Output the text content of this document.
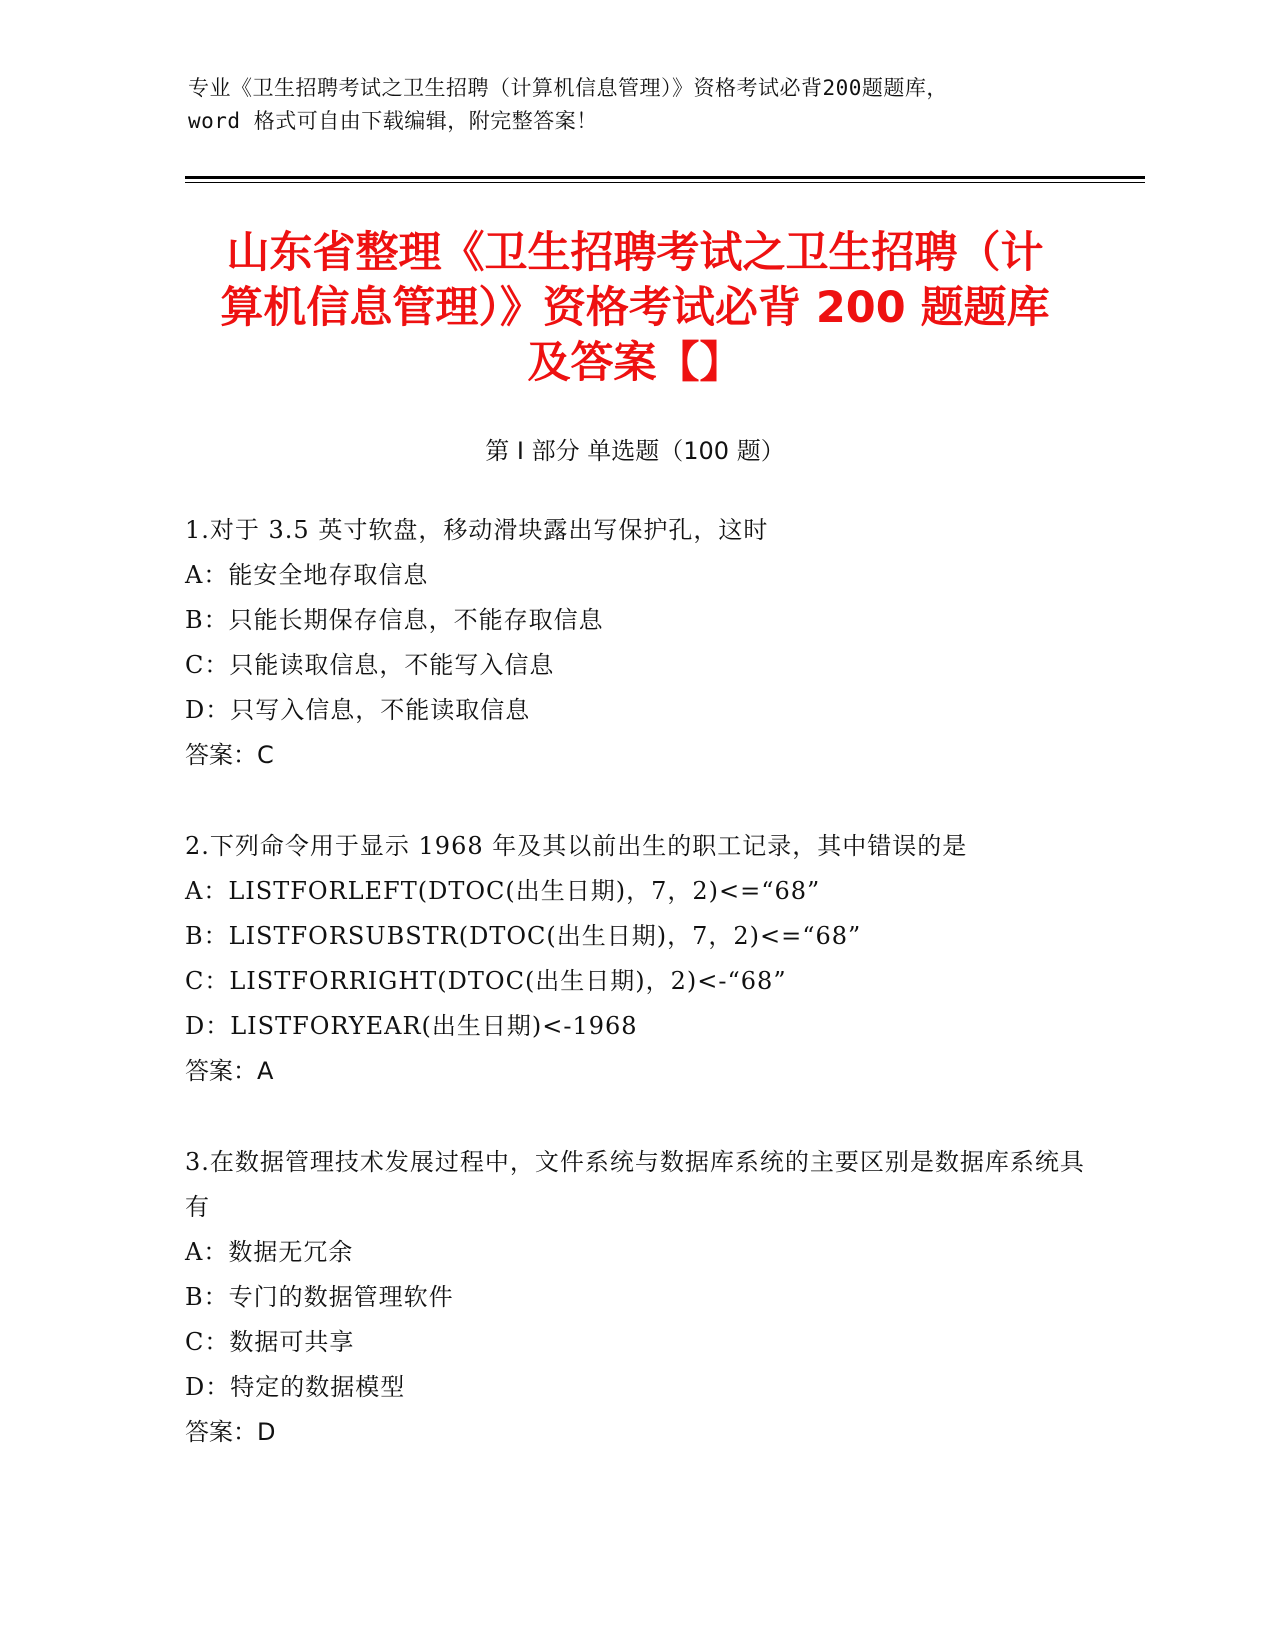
专业《卫生招聘考试之卫生招聘（计算机信息管理）》资格考试必背200题题库，
word 格式可自由下载编辑，附完整答案！
山东省整理《卫生招聘考试之卫生招聘（计
算机信息管理）》资格考试必背 200 题题库
及答案【】
第 I 部分 单选题（100 题）
1.对于 3.5 英寸软盘，移动滑块露出写保护孔，这时
A：能安全地存取信息
B：只能长期保存信息，不能存取信息
C：只能读取信息，不能写入信息
D：只写入信息，不能读取信息
答案：C
2.下列命令用于显示 1968 年及其以前出生的职工记录，其中错误的是
A：LISTFORLEFT(DTOC(出生日期)，7，2)<=“68”
B：LISTFORSUBSTR(DTOC(出生日期)，7，2)<=“68”
C：LISTFORRIGHT(DTOC(出生日期)，2)<-“68”
D：LISTFORYEAR(出生日期)<-1968
答案：A
3.在数据管理技术发展过程中，文件系统与数据库系统的主要区别是数据库系统具有
A：数据无冗余
B：专门的数据管理软件
C：数据可共享
D：特定的数据模型
答案：D
